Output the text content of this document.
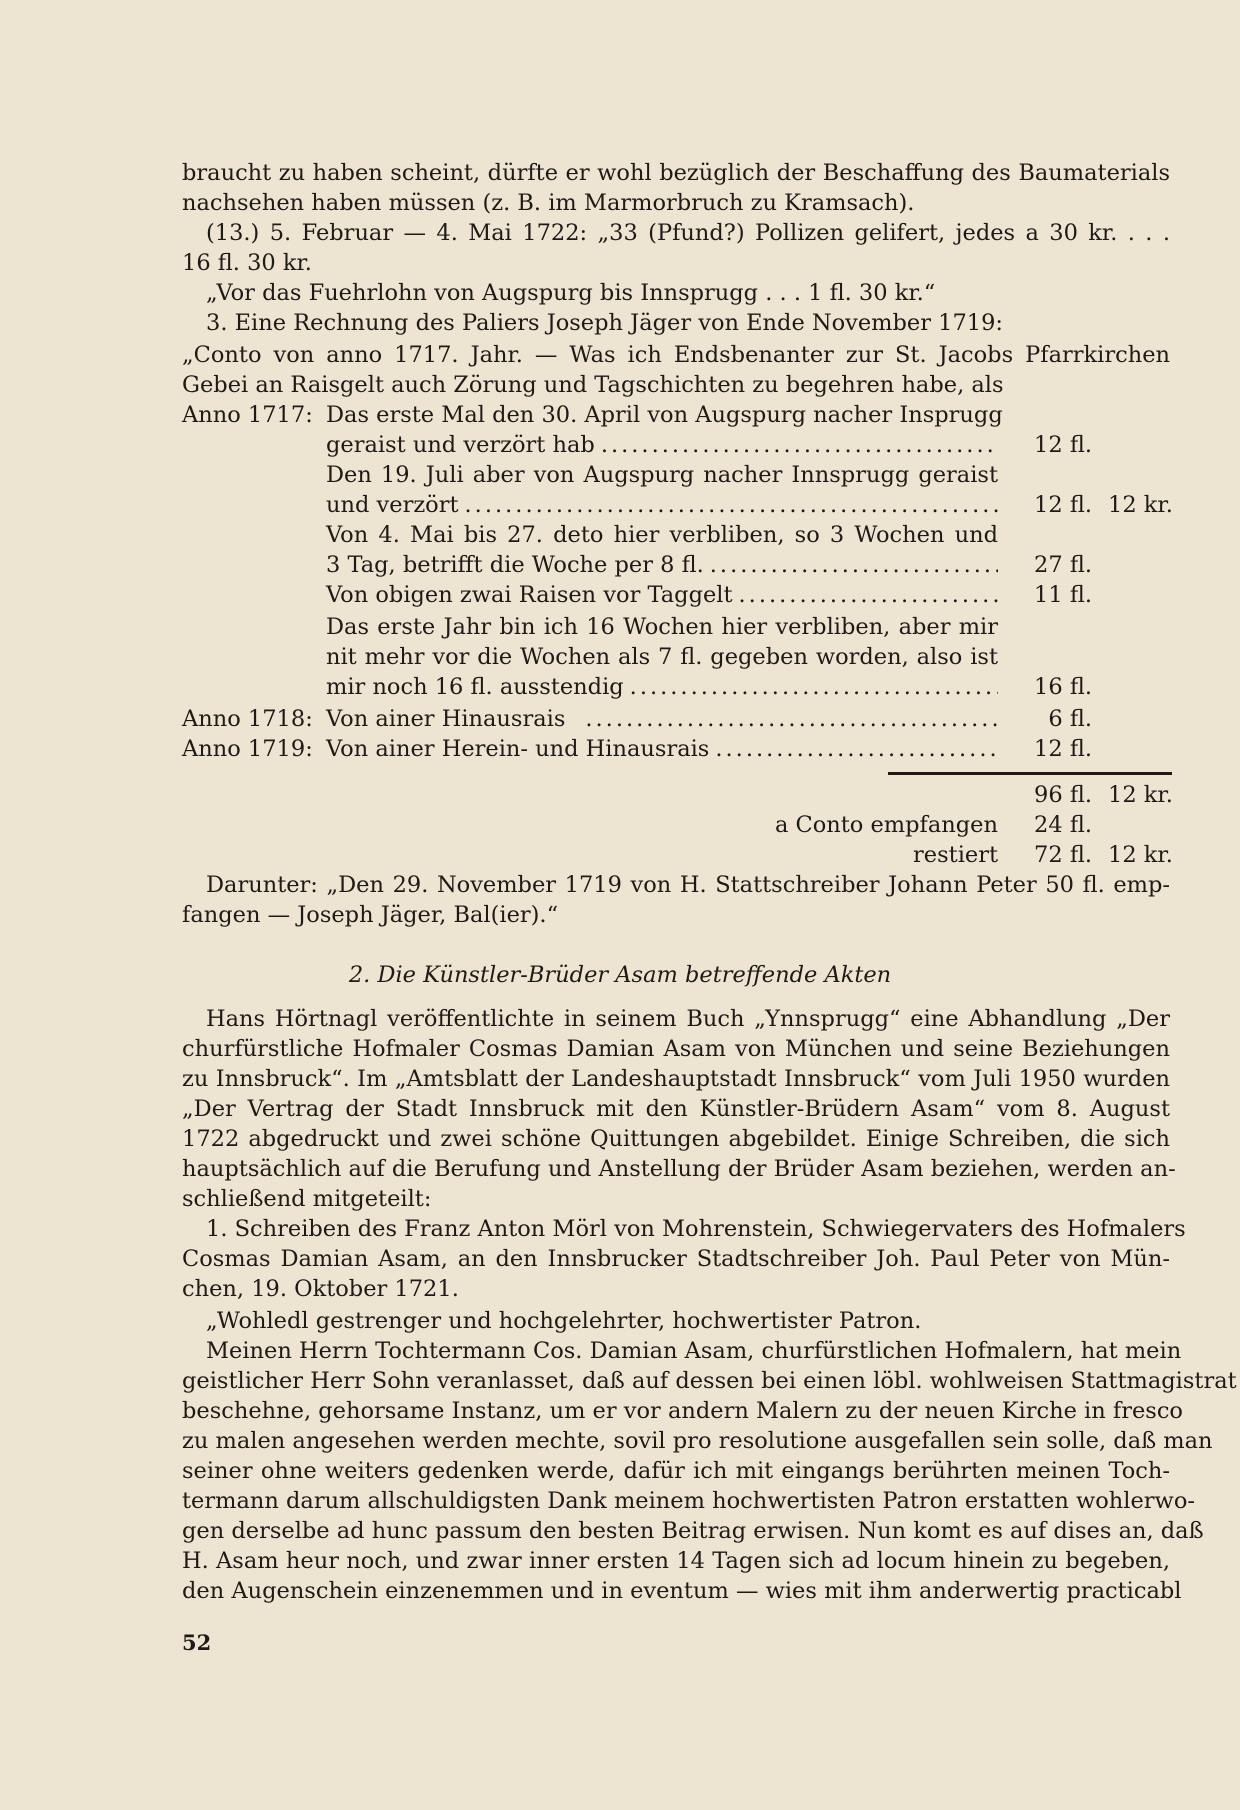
braucht zu haben scheint, dürfte er wohl bezüglich der Beschaffung des Baumaterials
nachsehen haben müssen (z. B. im Marmorbruch zu Kramsach).
(13.) 5. Februar — 4. Mai 1722: „33 (Pfund?) Pollizen gelifert, jedes a 30 kr. . . .
16 fl. 30 kr.
„Vor das Fuehrlohn von Augspurg bis Innsprugg . . . 1 fl. 30 kr.“
3. Eine Rechnung des Paliers Joseph Jäger von Ende November 1719:
„Conto von anno 1717. Jahr. — Was ich Endsbenanter zur St. Jacobs Pfarrkirchen
Gebei an Raisgelt auch Zörung und Tagschichten zu begehren habe, als
Anno 1717: Das erste Mal den 30. April von Augspurg nacher Insprugg
geraist und verzört hab .....	12 fl.
Den 19. Juli aber von Augspurg nacher Innsprugg geraist
und verzört .....	12 fl. 12 kr.
Von 4. Mai bis 27. deto hier verbliben, so 3 Wochen und
3 Tag, betrifft die Woche per 8 fl. .....	27 fl.
Von obigen zwai Raisen vor Taggelt .....	11 fl.
Das erste Jahr bin ich 16 Wochen hier verbliben, aber mir
nit mehr vor die Wochen als 7 fl. gegeben worden, also ist
mir noch 16 fl. ausstendig .....	16 fl.
Anno 1718: Von ainer Hinausrais .....	6 fl.
Anno 1719: Von ainer Herein- und Hinausrais .....	12 fl.
96 fl. 12 kr.
a Conto empfangen 24 fl.
restiert 72 fl. 12 kr.
Darunter: „Den 29. November 1719 von H. Stattschreiber Johann Peter 50 fl. emp-
fangen — Joseph Jäger, Bal(ier).“
2. Die Künstler-Brüder Asam betreffende Akten
Hans Hörtnagl veröffentlichte in seinem Buch „Ynnsprugg“ eine Abhandlung „Der
churfürstliche Hofmaler Cosmas Damian Asam von München und seine Beziehungen
zu Innsbruck“. Im „Amtsblatt der Landeshauptstadt Innsbruck“ vom Juli 1950 wurden
„Der Vertrag der Stadt Innsbruck mit den Künstler-Brüdern Asam“ vom 8. August
1722 abgedruckt und zwei schöne Quittungen abgebildet. Einige Schreiben, die sich
hauptsächlich auf die Berufung und Anstellung der Brüder Asam beziehen, werden an-
schließend mitgeteilt:
1. Schreiben des Franz Anton Mörl von Mohrenstein, Schwiegervaters des Hofmalers
Cosmas Damian Asam, an den Innsbrucker Stadtschreiber Joh. Paul Peter von Mün-
chen, 19. Oktober 1721.
„Wohledl gestrenger und hochgelehrter, hochwertister Patron.
Meinen Herrn Tochtermann Cos. Damian Asam, churfürstlichen Hofmalern, hat mein
geistlicher Herr Sohn veranlasset, daß auf dessen bei einen löbl. wohlweisen Stattmagistrat
beschehne, gehorsame Instanz, um er vor andern Malern zu der neuen Kirche in fresco
zu malen angesehen werden mechte, sovil pro resolutione ausgefallen sein solle, daß man
seiner ohne weiters gedenken werde, dafür ich mit eingangs berührten meinen Toch-
termann darum allschuldigsten Dank meinem hochwertisten Patron erstatten wohlerwo-
gen derselbe ad hunc passum den besten Beitrag erwisen. Nun komt es auf dises an, daß
H. Asam heur noch, und zwar inner ersten 14 Tagen sich ad locum hinein zu begeben,
den Augenschein einzenemmen und in eventum — wies mit ihm anderwertig practicabl
52
